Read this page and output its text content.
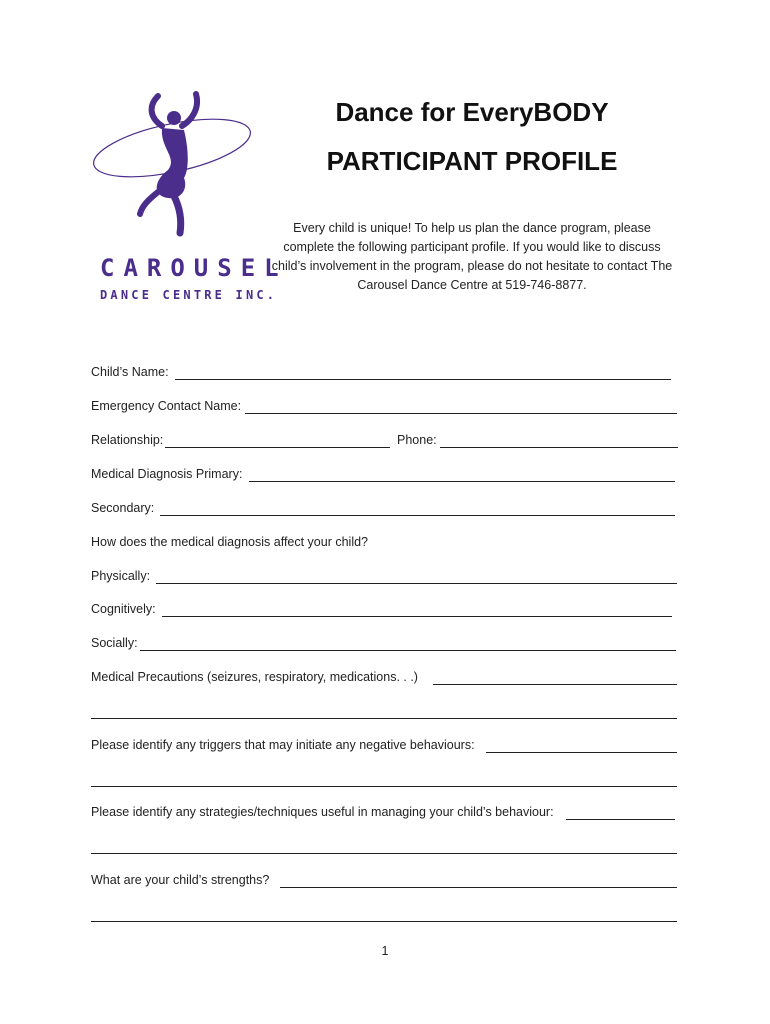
CAROUSEL
DANCE CENTRE INC.
Dance for EveryBODY
PARTICIPANT PROFILE
Every child is unique! To help us plan the dance program, please
complete the following participant profile. If you would like to discuss
child’s involvement in the program, please do not hesitate to contact The
Carousel Dance Centre at 519-746-8877.
Child’s Name:
Emergency Contact Name:
Relationship:	Phone:
Medical Diagnosis Primary:
Secondary:
How does the medical diagnosis affect your child?
Physically:
Cognitively:
Socially:
Medical Precautions (seizures, respiratory, medications. . .)
Please identify any triggers that may initiate any negative behaviours:
Please identify any strategies/techniques useful in managing your child’s behaviour:
What are your child’s strengths?
1
